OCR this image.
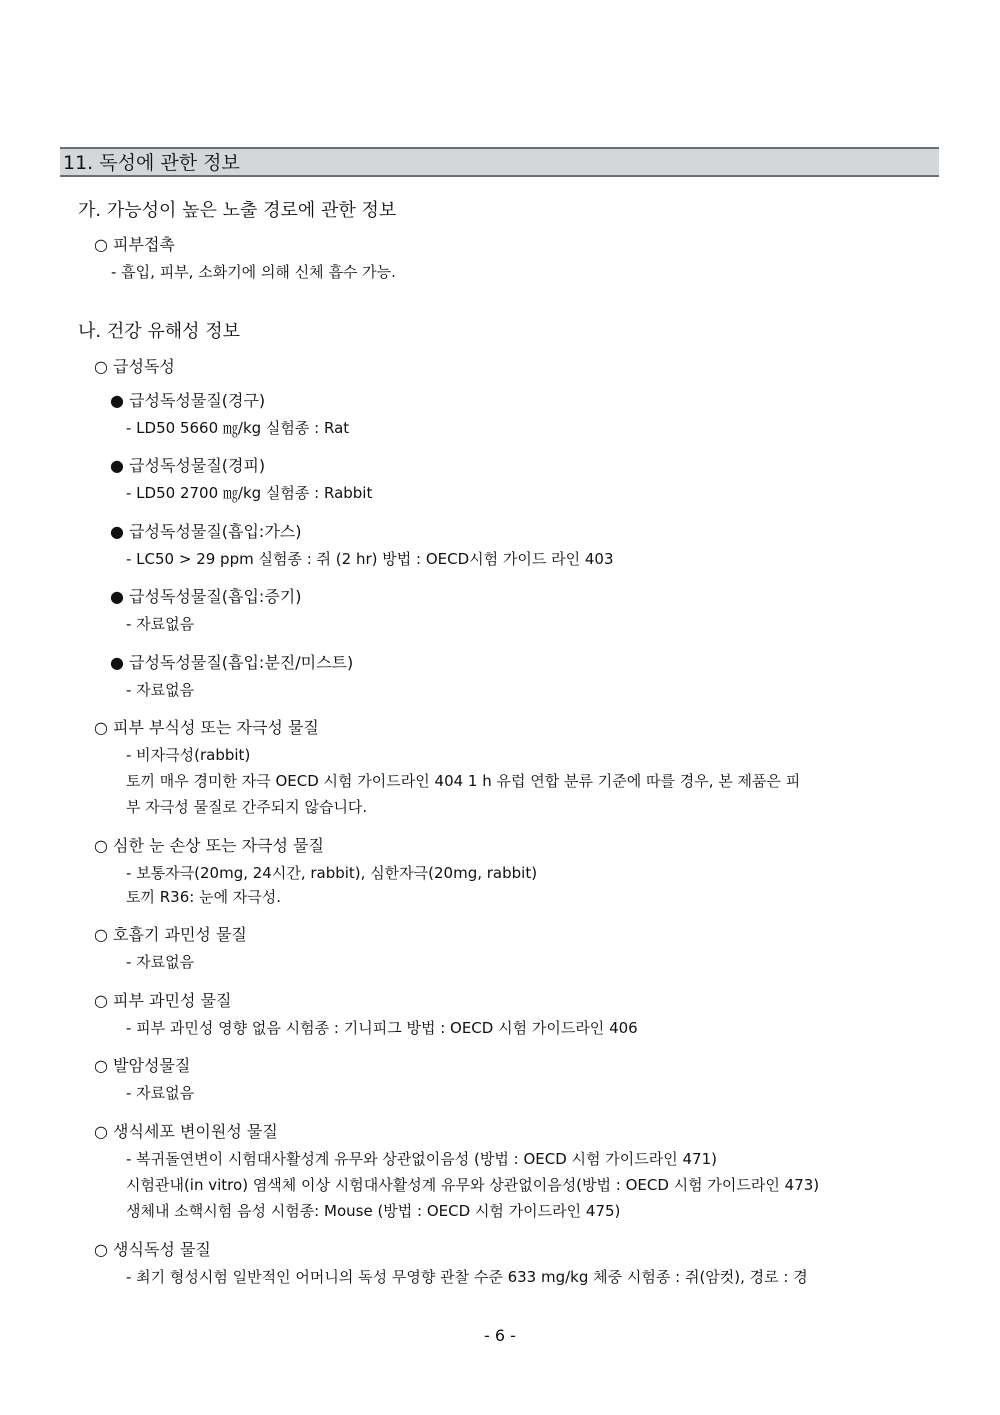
11. 독성에 관한 정보
가. 가능성이 높은 노출 경로에 관한 정보
○ 피부접촉
- 흡입, 피부, 소화기에 의해 신체 흡수 가능.
나. 건강 유해성 정보
○ 급성독성
● 급성독성물질(경구)
- LD50 5660 ㎎/kg 실험종 : Rat
● 급성독성물질(경피)
- LD50 2700 ㎎/kg 실험종 : Rabbit
● 급성독성물질(흡입:가스)
- LC50 > 29 ppm 실험종 : 쥐 (2 hr) 방법 : OECD시험 가이드 라인 403
● 급성독성물질(흡입:증기)
- 자료없음
● 급성독성물질(흡입:분진/미스트)
- 자료없음
○ 피부 부식성 또는 자극성 물질
- 비자극성(rabbit)
토끼 매우 경미한 자극 OECD 시험 가이드라인 404 1 h 유럽 연합 분류 기준에 따를 경우, 본 제품은 피
부 자극성 물질로 간주되지 않습니다.
○ 심한 눈 손상 또는 자극성 물질
- 보통자극(20mg, 24시간, rabbit), 심한자극(20mg, rabbit)
토끼 R36: 눈에 자극성.
○ 호흡기 과민성 물질
- 자료없음
○ 피부 과민성 물질
- 피부 과민성 영향 없음 시험종 : 기니피그 방법 : OECD 시험 가이드라인 406
○ 발암성물질
- 자료없음
○ 생식세포 변이원성 물질
- 복귀돌연변이 시험대사활성계 유무와 상관없이음성 (방법 : OECD 시험 가이드라인 471)
시험관내(in vitro) 염색체 이상 시험대사활성계 유무와 상관없이음성(방법 : OECD 시험 가이드라인 473)
생체내 소핵시험 음성 시험종: Mouse (방법 : OECD 시험 가이드라인 475)
○ 생식독성 물질
- 최기 형성시험 일반적인 어머니의 독성 무영향 관찰 수준 633 mg/kg 체중 시험종 : 쥐(암컷), 경로 : 경
- 6 -
